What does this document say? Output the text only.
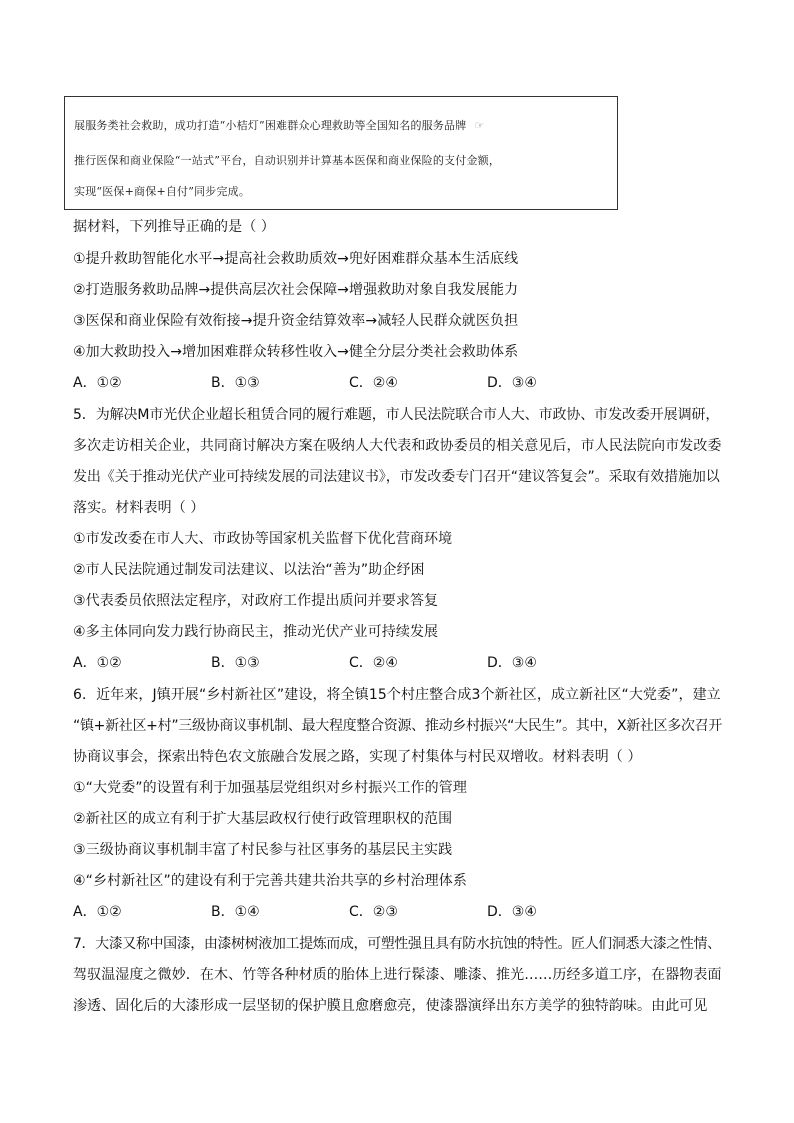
展服务类社会救助，成功打造“小桔灯”困难群众心理救助等全国知名的服务品牌 ☞
推行医保和商业保险“一站式”平台，自动识别并计算基本医保和商业保险的支付金额，
实现“医保+商保+自付”同步完成。
据材料，下列推导正确的是（ ）
①提升救助智能化水平→提高社会救助质效→兜好困难群众基本生活底线
②打造服务救助品牌→提供高层次社会保障→增强救助对象自我发展能力
③医保和商业保险有效衔接→提升资金结算效率→减轻人民群众就医负担
④加大救助投入→增加困难群众转移性收入→健全分层分类社会救助体系
A．①②	B．①③	C．②④	D．③④
5．为解决M市光伏企业超长租赁合同的履行难题，市人民法院联合市人大、市政协、市发改委开展调研，
多次走访相关企业，共同商讨解决方案在吸纳人大代表和政协委员的相关意见后，市人民法院向市发改委
发出《关于推动光伏产业可持续发展的司法建议书》，市发改委专门召开“建议答复会”。采取有效措施加以
落实。材料表明（ ）
①市发改委在市人大、市政协等国家机关监督下优化营商环境
②市人民法院通过制发司法建议、以法治“善为”助企纾困
③代表委员依照法定程序，对政府工作提出质问并要求答复
④多主体同向发力践行协商民主，推动光伏产业可持续发展
A．①②	B．①③	C．②④	D．③④
6．近年来，J镇开展“乡村新社区”建设，将全镇15个村庄整合成3个新社区，成立新社区“大党委”，建立
“镇+新社区+村”三级协商议事机制、最大程度整合资源、推动乡村振兴“大民生”。其中，X新社区多次召开
协商议事会，探索出特色农文旅融合发展之路，实现了村集体与村民双增收。材料表明（ ）
①“大党委”的设置有利于加强基层党组织对乡村振兴工作的管理
②新社区的成立有利于扩大基层政权行使行政管理职权的范围
③三级协商议事机制丰富了村民参与社区事务的基层民主实践
④“乡村新社区”的建设有利于完善共建共治共享的乡村治理体系
A．①②	B．①④	C．②③	D．③④
7．大漆又称中国漆，由漆树树液加工提炼而成，可塑性强且具有防水抗蚀的特性。匠人们洞悉大漆之性情、
驾驭温湿度之微妙．在木、竹等各种材质的胎体上进行髹漆、雕漆、推光……历经多道工序，在器物表面
渗透、固化后的大漆形成一层坚韧的保护膜且愈磨愈亮，使漆器演绎出东方美学的独特韵味。由此可见
